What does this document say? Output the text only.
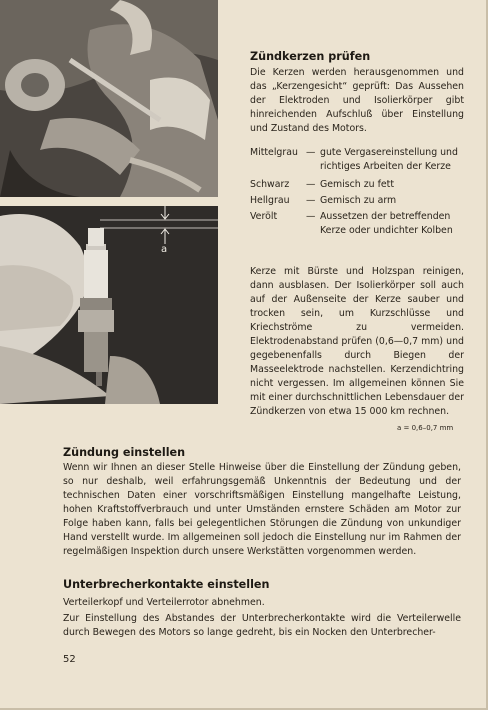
a
Zündkerzen prüfen

Die Kerzen werden herausgenommen und das „Kerzengesicht“ geprüft: Das Aussehen der Elektroden und Isolierkörper gibt hinreichenden Aufschluß über Einstellung und Zustand des Motors.

Mittelgrau — gute Vergasereinstellung und richtiges Arbeiten der Kerze
Schwarz	— Gemisch zu fett
Hellgrau	— Gemisch zu arm
Verölt	— Aussetzen der betreffenden Kerze oder undichter Kolben

Kerze mit Bürste und Holzspan reinigen, dann ausblasen. Der Isolierkörper soll auch auf der Außenseite der Kerze sauber und trocken sein, um Kurzschlüsse und Kriechströme zu vermeiden. Elektrodenabstand prüfen (0,6—0,7 mm) und gegebenenfalls durch Biegen der Masseelektrode nachstellen. Kerzendichtring nicht vergessen. Im allgemeinen können Sie mit einer durchschnittlichen Lebensdauer der Zündkerzen von etwa 15 000 km rechnen.

a = 0,6–0,7 mm
Zündung einstellen

Wenn wir Ihnen an dieser Stelle Hinweise über die Einstellung der Zündung geben, so nur deshalb, weil erfahrungsgemäß Unkenntnis der Bedeutung und der technischen Daten einer vorschriftsmäßigen Einstellung mangelhafte Leistung, hohen Kraftstoffverbrauch und unter Umständen ernstere Schäden am Motor zur Folge haben kann, falls bei gelegentlichen Störungen die Zündung von unkundiger Hand verstellt wurde. Im allgemeinen soll jedoch die Einstellung nur im Rahmen der regelmäßigen Inspektion durch unsere Werkstätten vorgenommen werden.

Unterbrecherkontakte einstellen

Verteilerkopf und Verteilerrotor abnehmen.

Zur Einstellung des Abstandes der Unterbrecherkontakte wird die Verteilerwelle durch Bewegen des Motors so lange gedreht, bis ein Nocken den Unterbrecher-

52
